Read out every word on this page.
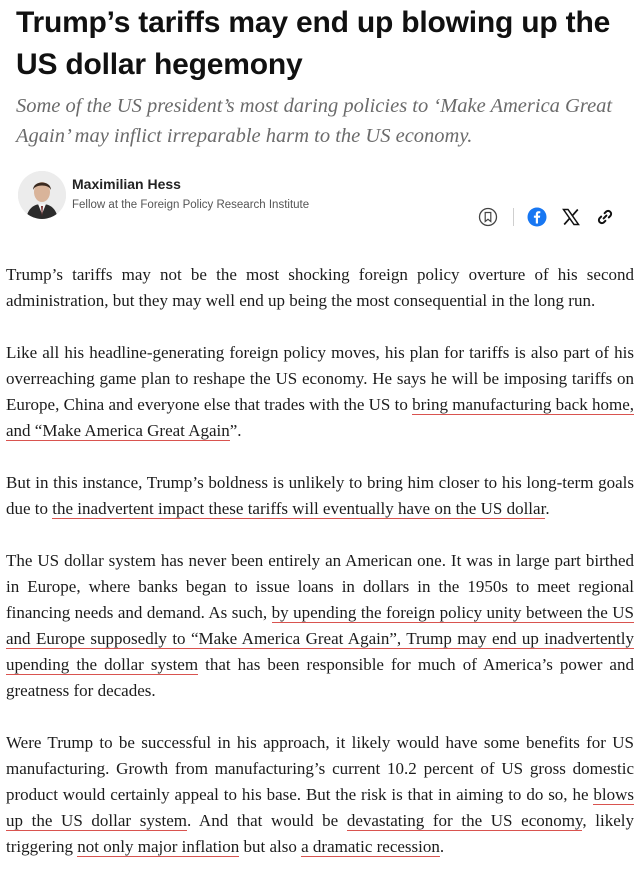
Trump’s tariffs may end up blowing up the US dollar hegemony

Some of the US president’s most daring policies to ‘Make America Great Again’ may inflict irreparable harm to the US economy.

Maximilian Hess
Fellow at the Foreign Policy Research Institute

Trump’s tariffs may not be the most shocking foreign policy overture of his second administration, but they may well end up being the most consequential in the long run.

Like all his headline-generating foreign policy moves, his plan for tariffs is also part of his overreaching game plan to reshape the US economy. He says he will be imposing tariffs on Europe, China and everyone else that trades with the US to bring manufacturing back home, and “Make America Great Again”.

But in this instance, Trump’s boldness is unlikely to bring him closer to his long-term goals due to the inadvertent impact these tariffs will eventually have on the US dollar.

The US dollar system has never been entirely an American one. It was in large part birthed in Europe, where banks began to issue loans in dollars in the 1950s to meet regional financing needs and demand. As such, by upending the foreign policy unity between the US and Europe supposedly to “Make America Great Again”, Trump may end up inadvertently upending the dollar system that has been responsible for much of America’s power and greatness for decades.

Were Trump to be successful in his approach, it likely would have some benefits for US manufacturing. Growth from manufacturing’s current 10.2 percent of US gross domestic product would certainly appeal to his base. But the risk is that in aiming to do so, he blows up the US dollar system. And that would be devastating for the US economy, likely triggering not only major inflation but also a dramatic recession.
